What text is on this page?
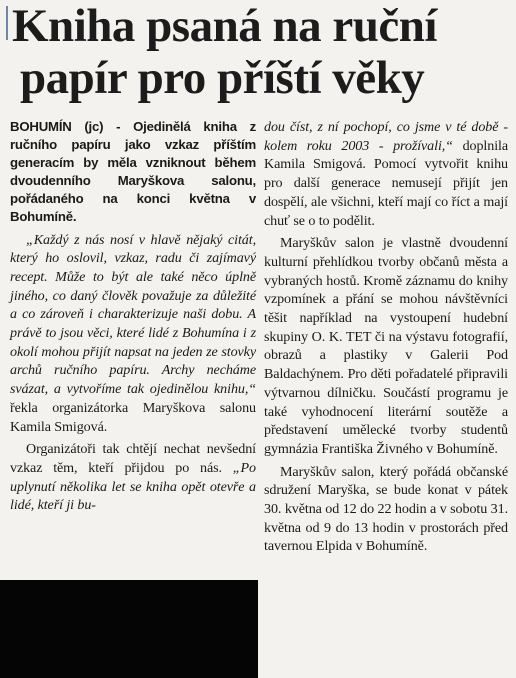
Kniha psaná na ruční
papír pro příští věky

BOHUMÍN (jc) - Ojedinělá kniha z ručního papíru jako vzkaz příštím generacím by měla vzniknout během dvoudenního Maryškova salonu, pořádaného na konci května v Bohumíně.

„Každý z nás nosí v hlavě nějaký citát, který ho oslovil, vzkaz, radu či zajímavý recept. Může to být ale také něco úplně jiného, co daný člověk považuje za důležité a co zároveň i charakterizuje naši dobu. A právě to jsou věci, které lidé z Bohumína i z okolí mohou přijít napsat na jeden ze stovky archů ručního papíru. Archy necháme svázat, a vytvoříme tak ojedinělou knihu,“ řekla organizátorka Maryškova salonu Kamila Smigová.

Organizátoři tak chtějí nechat nevšední vzkaz těm, kteří přijdou po nás. „Po uplynutí několika let se kniha opět otevře a lidé, kteří ji bu-

dou číst, z ní pochopí, co jsme v té době - kolem roku 2003 - prožívali,“ doplnila Kamila Smigová. Pomocí vytvořit knihu pro další generace nemusejí přijít jen dospělí, ale všichni, kteří mají co říct a mají chuť se o to podělit.

Maryškův salon je vlastně dvoudenní kulturní přehlídkou tvorby občanů města a vybraných hostů. Kromě záznamu do knihy vzpomínek a přání se mohou návštěvníci těšit například na vystoupení hudební skupiny O. K. TET či na výstavu fotografií, obrazů a plastiky v Galerii Pod Baldachýnem. Pro děti pořadatelé připravili výtvarnou dílničku. Součástí programu je také vyhodnocení literární soutěže a představení umělecké tvorby studentů gymnázia Františka Živného v Bohumíně.

Maryškův salon, který pořádá občanské sdružení Maryška, se bude konat v pátek 30. května od 12 do 22 hodin a v sobotu 31. května od 9 do 13 hodin v prostorách před tavernou Elpida v Bohumíně.
